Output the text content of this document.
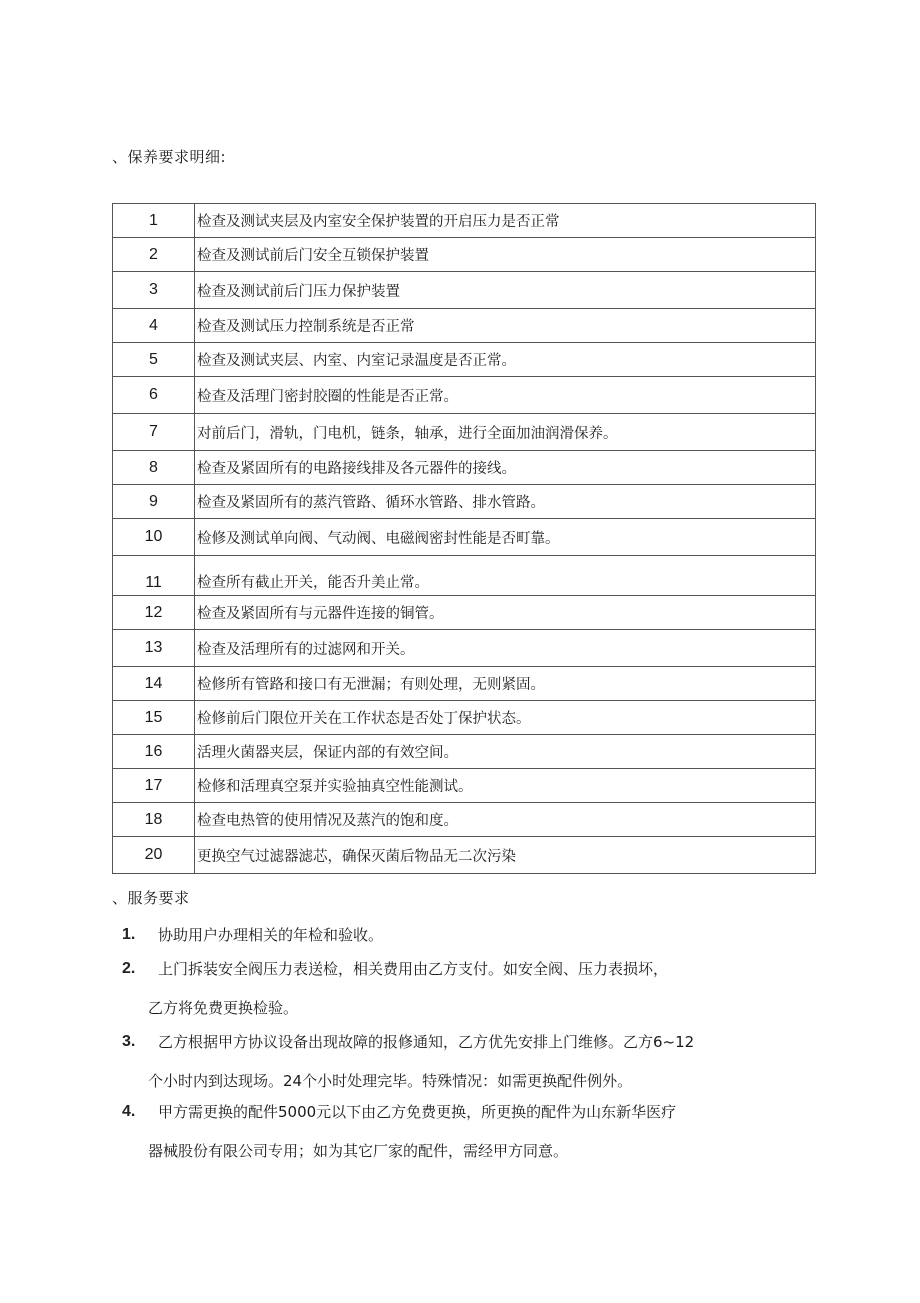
、保养要求明细:
1	检查及测试夹层及内室安全保护装置的开启压力是否正常
2	检查及测试前后门安全互锁保护装置
3	检查及测试前后门压力保护装置
4	检查及测试压力控制系统是否正常
5	检查及测试夹层、内室、内室记录温度是否正常。
6	检查及活理门密封胶圈的性能是否正常。
7	对前后门，滑轨，门电机，链条，轴承，进行全面加油润滑保养。
8	检查及紧固所有的电路接线排及各元器件的接线。
9	检查及紧固所有的蒸汽管路、循环水管路、排水管路。
10	检修及测试单向阀、气动阀、电磁阀密封性能是否町靠。
11	检查所有截止开关，能否升美止常。
12	检查及紧固所有与元器件连接的铜管。
13	检查及活理所有的过滤网和开关。
14	检修所有管路和接口有无泄漏；有则处理，无则紧固。
15	检修前后门限位开关在工作状态是否处丁保护状态。
16	活理火菌器夹层，保证内部的有效空间。
17	检修和活理真空泵并实验抽真空性能测试。
18	检查电热管的使用情况及蒸汽的饱和度。
20	更换空气过滤器滤芯，确保灭菌后物品无二次污染
、服务要求
1. 协助用户办理相关的年检和验收。
2. 上门拆装安全阀压力表送检，相关费用由乙方支付。如安全阀、压力表损坏，
乙方将免费更换检验。
3. 乙方根据甲方协议设备出现故障的报修通知，乙方优先安排上门维修。乙方6~12
个小时内到达现场。24个小时处理完毕。特殊情况：如需更换配件例外。
4. 甲方需更换的配件5000元以下由乙方免费更换，所更换的配件为山东新华医疗
器械股份有限公司专用；如为其它厂家的配件，需经甲方同意。
